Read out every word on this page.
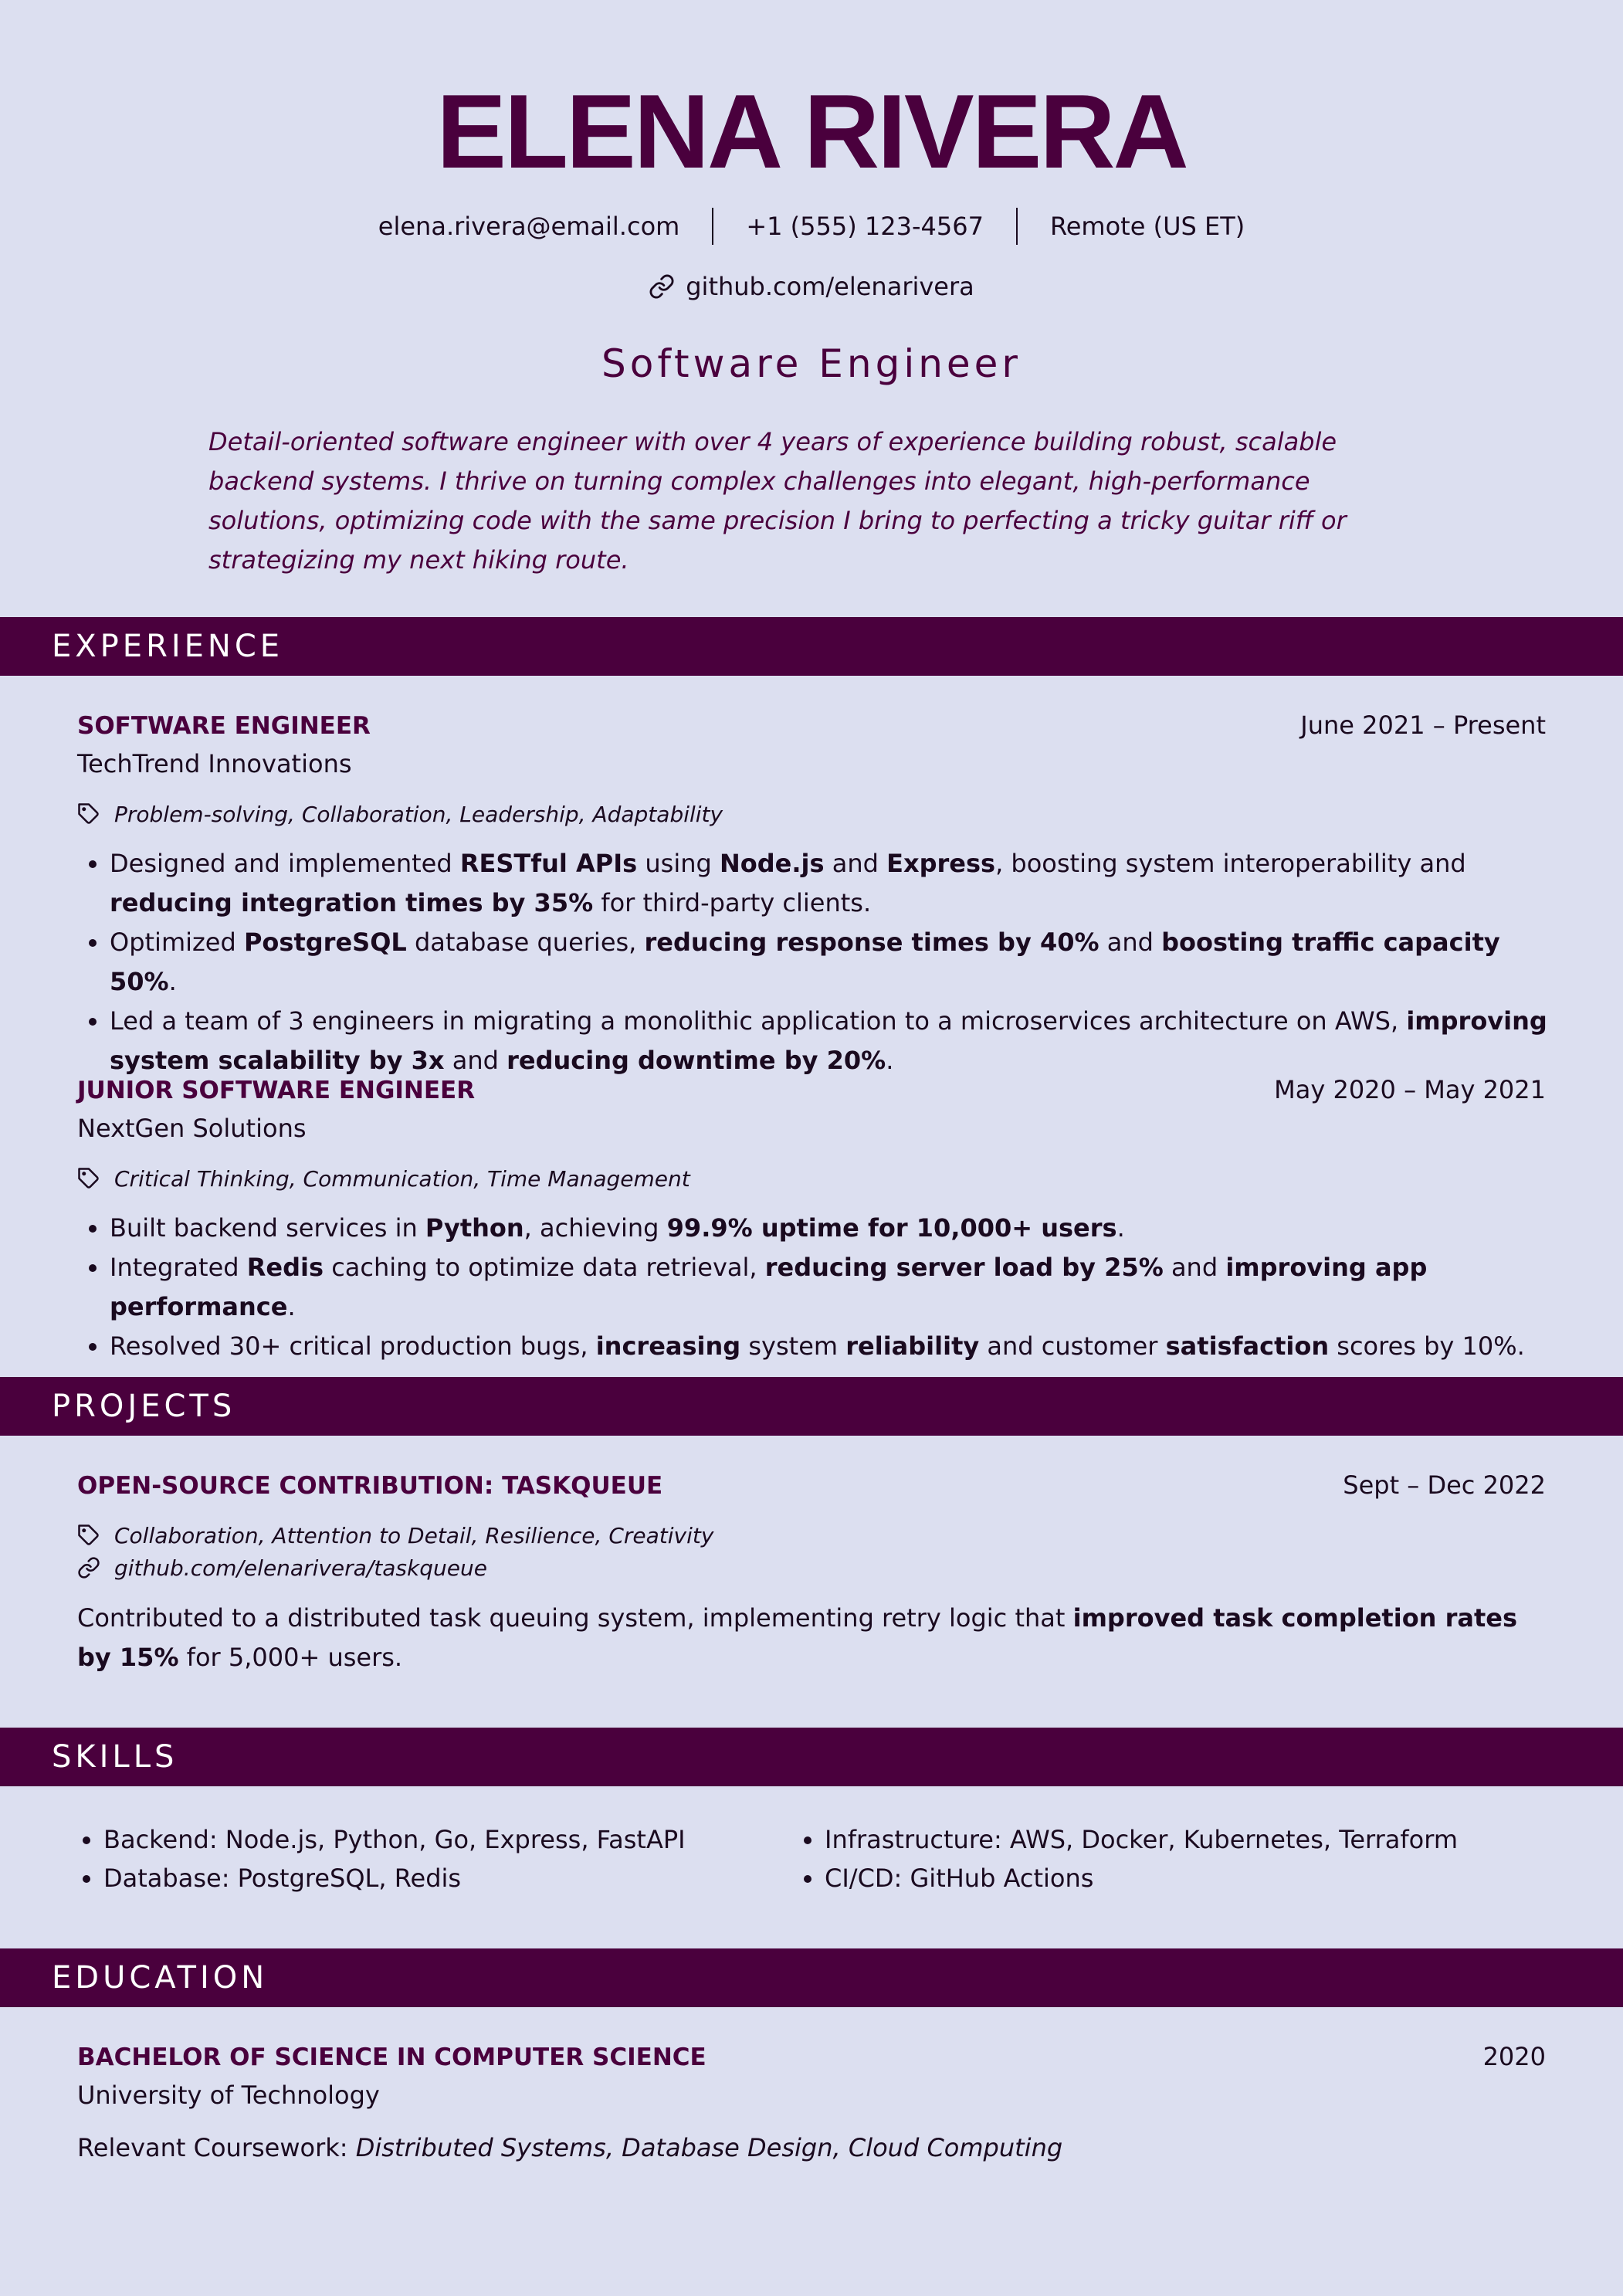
ELENA RIVERA
elena.rivera@email.com	+1 (555) 123-4567	Remote (US ET)
github.com/elenarivera
Software Engineer
Detail-oriented software engineer with over 4 years of experience building robust, scalable backend systems. I thrive on turning complex challenges into elegant, high-performance solutions, optimizing code with the same precision I bring to perfecting a tricky guitar riff or strategizing my next hiking route.
EXPERIENCE
SOFTWARE ENGINEER	June 2021 – Present
TechTrend Innovations
Problem-solving, Collaboration, Leadership, Adaptability
• Designed and implemented RESTful APIs using Node.js and Express, boosting system interoperability and reducing integration times by 35% for third-party clients.
• Optimized PostgreSQL database queries, reducing response times by 40% and boosting traffic capacity 50%.
• Led a team of 3 engineers in migrating a monolithic application to a microservices architecture on AWS, improving system scalability by 3x and reducing downtime by 20%.
JUNIOR SOFTWARE ENGINEER	May 2020 – May 2021
NextGen Solutions
Critical Thinking, Communication, Time Management
• Built backend services in Python, achieving 99.9% uptime for 10,000+ users.
• Integrated Redis caching to optimize data retrieval, reducing server load by 25% and improving app performance.
• Resolved 30+ critical production bugs, increasing system reliability and customer satisfaction scores by 10%.
PROJECTS
OPEN-SOURCE CONTRIBUTION: TASKQUEUE	Sept – Dec 2022
Collaboration, Attention to Detail, Resilience, Creativity
github.com/elenarivera/taskqueue
Contributed to a distributed task queuing system, implementing retry logic that improved task completion rates by 15% for 5,000+ users.
SKILLS
• Backend: Node.js, Python, Go, Express, FastAPI
• Database: PostgreSQL, Redis
• Infrastructure: AWS, Docker, Kubernetes, Terraform
• CI/CD: GitHub Actions
EDUCATION
BACHELOR OF SCIENCE IN COMPUTER SCIENCE	2020
University of Technology
Relevant Coursework: Distributed Systems, Database Design, Cloud Computing
